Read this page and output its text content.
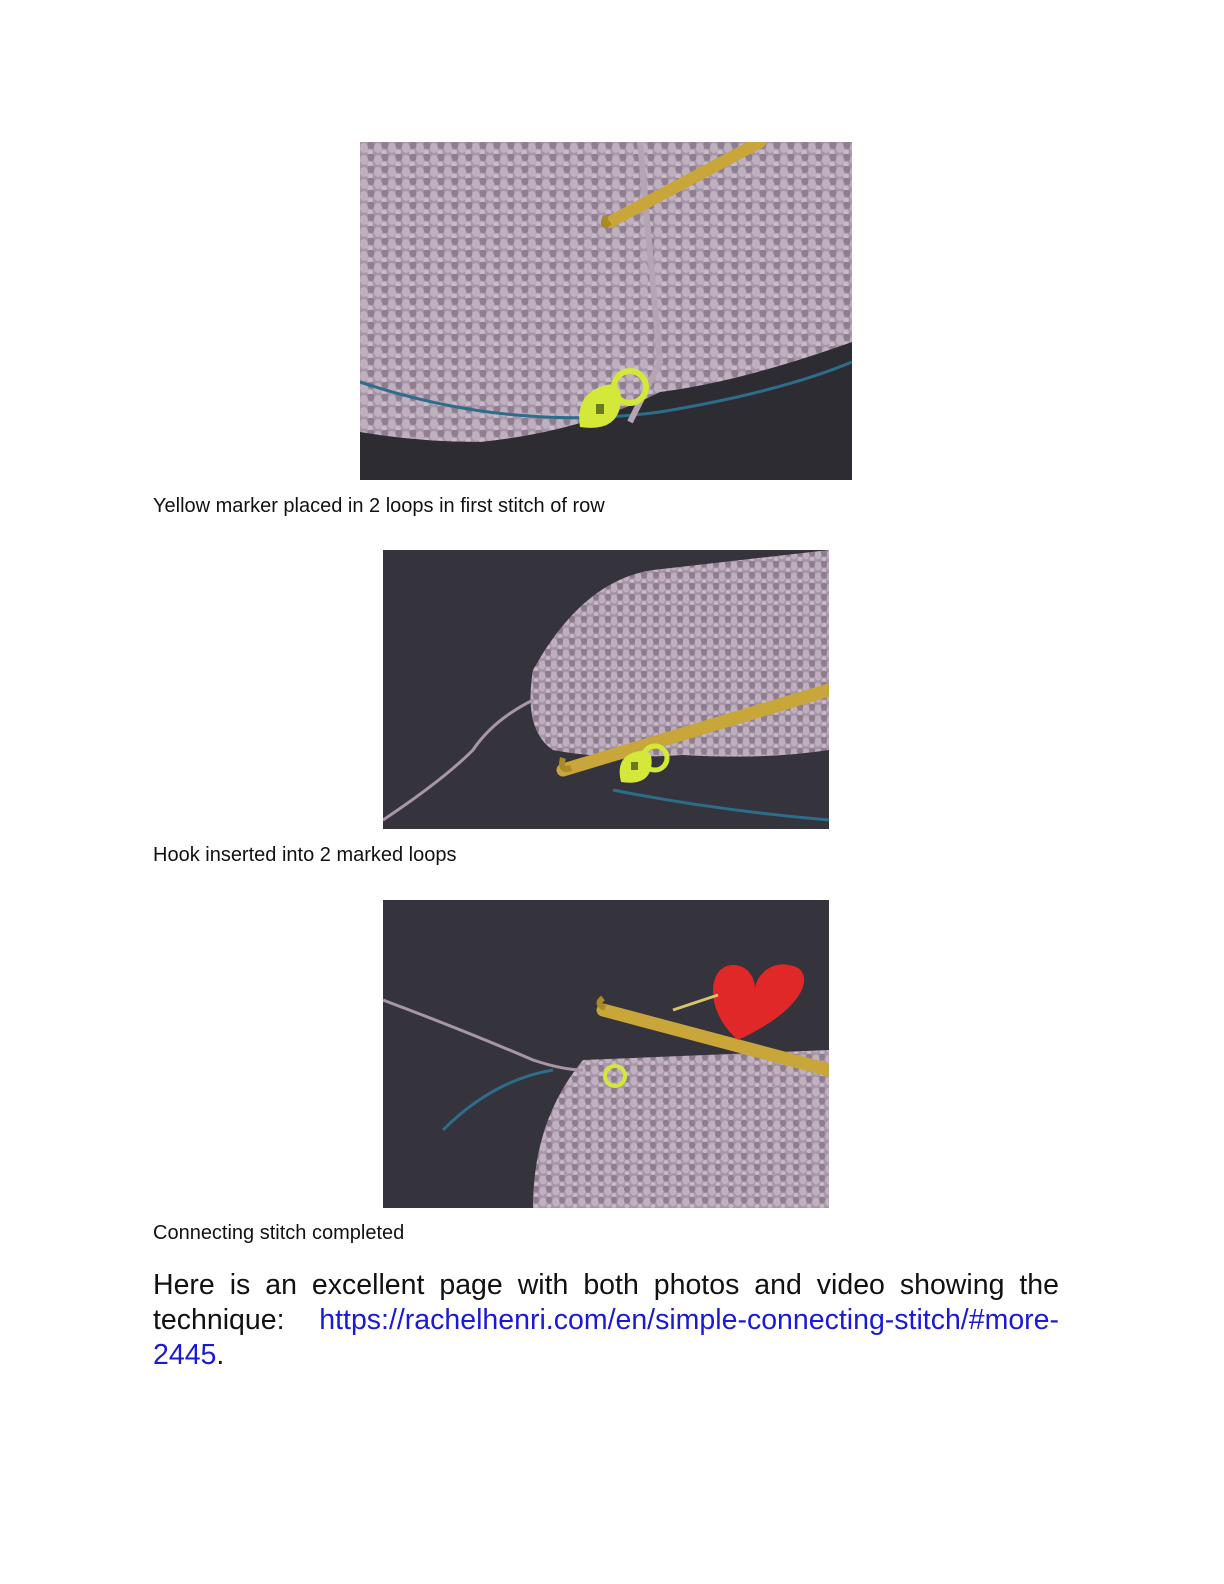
Yellow marker placed in 2 loops in first stitch of row
Hook inserted into 2 marked loops
Connecting stitch completed

Here is an excellent page with both photos and video showing the technique: https://rachelhenri.com/en/simple-connecting-stitch/#more-2445.
